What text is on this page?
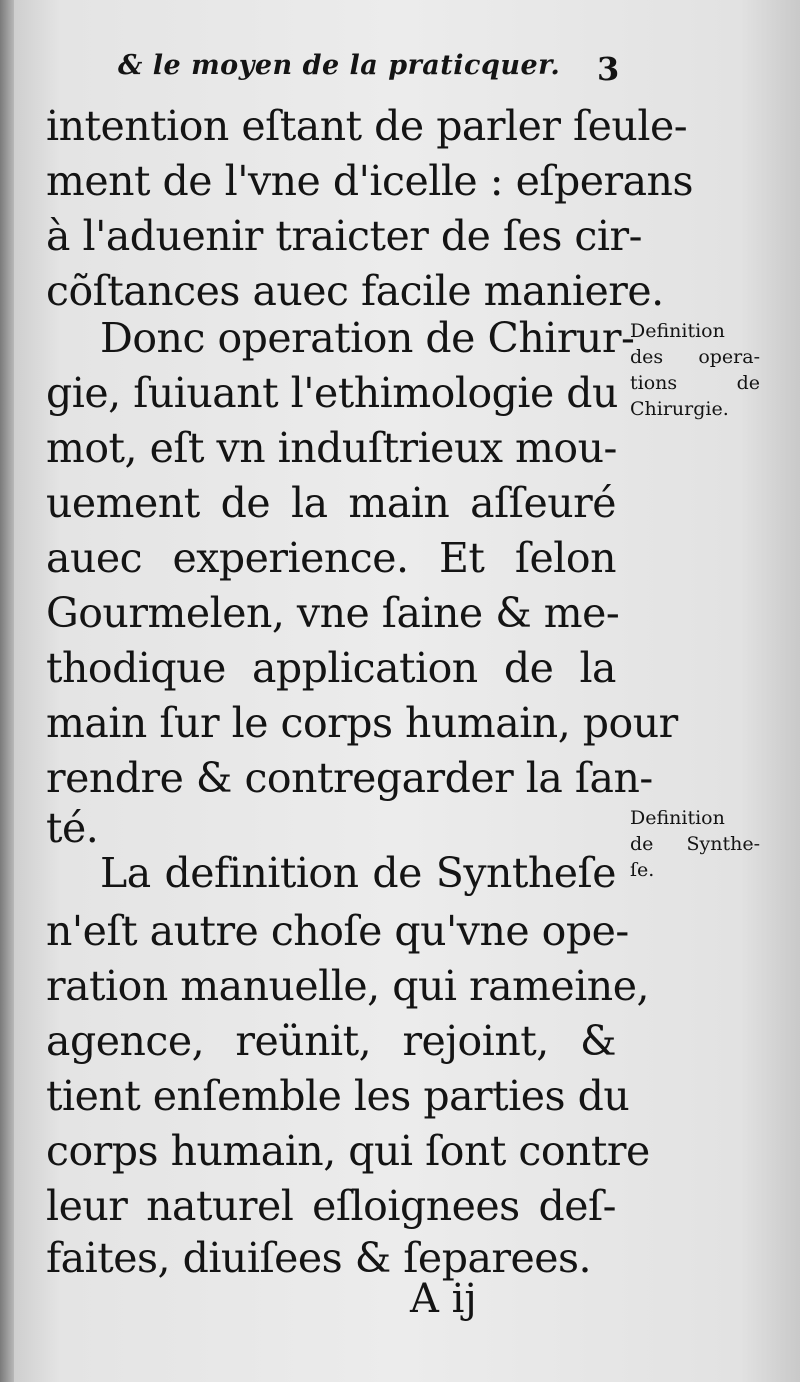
& le moyen de la praticquer.	3
intention eſtant de parler ſeule-
ment de l'vne d'icelle : eſperans
à l'aduenir traicter de ſes cir-
cõſtances auec facile maniere.
Donc operation de Chirur-
gie, ſuiuant l'ethimologie du
mot, eſt vn induſtrieux mou-
uement de la main aſſeuré
auec experience. Et ſelon
Gourmelen, vne ſaine & me-
thodique application de la
main ſur le corps humain, pour
rendre & contregarder la ſan-
té.
La definition de Syntheſe
n'eſt autre choſe qu'vne ope-
ration manuelle, qui rameine,
agence, reünit, rejoint, &
tient enſemble les parties du
corps humain, qui ſont contre
leur naturel eſloignees deſ-
faites, diuiſees & ſeparees.
Definition
des opera-
tions de
Chirurgie.
Definition
de Synthe-
ſe.
A ij
